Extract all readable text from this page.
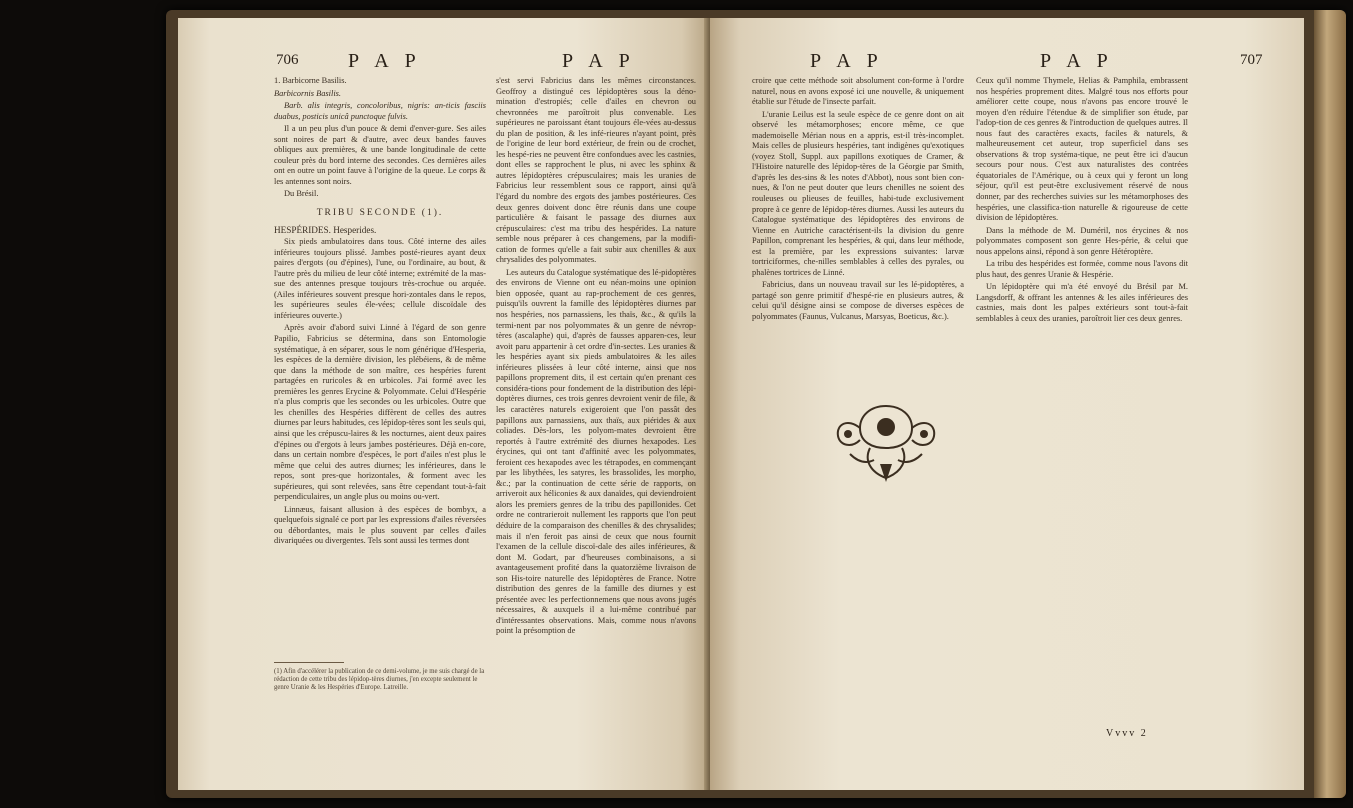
706 P A P	P A P

1. Barbicorne Basilis.

Barbicornis Basilis.

Barb. alis integris, concoloribus, nigris: an-ticis fasciis duabus, posticis unicâ punctoque fulvis.

Il a un peu plus d'un pouce & demi d'enver-gure. Ses ailes sont noires de part & d'autre, avec deux bandes fauves obliques aux premières, & une bande longitudinale de cette couleur près du bord interne des secondes. Ces dernières ailes ont en outre un point fauve à l'origine de la queue. Le corps & les antennes sont noirs.

Du Brésil.

TRIBU SECONDE (1).

HESPÉRIDES. Hesperides.

Six pieds ambulatoires dans tous. Côté interne des ailes inférieures toujours plissé. Jambes posté-rieures ayant deux paires d'ergots (ou d'épines), l'une, ou l'ordinaire, au bout, & l'autre près du milieu de leur côté interne; extrémité de la mas-sue des antennes presque toujours très-crochue ou arquée. (Ailes inférieures souvent presque hori-zontales dans le repos, les supérieures seules éle-vées; cellule discoïdale des inférieures ouverte.)

Après avoir d'abord suivi Linné à l'égard de son genre Papilio, Fabricius se détermina, dans son Entomologie systématique, à en séparer, sous le nom générique d'Hesperia, les espèces de la dernière division, les plébéiens, & de même que dans la méthode de son maître, ces hespéries furent partagées en ruricoles & en urbicoles. J'ai formé avec les premières les genres Erycine & Polyommate. Celui d'Hespérie n'a plus compris que les secondes ou les urbicoles. Outre que les chenilles des Hespéries diffèrent de celles des autres diurnes par leurs habitudes, ces lépidop-tères sont les seuls qui, ainsi que les crépuscu-laires & les nocturnes, aient deux paires d'épines ou d'ergots à leurs jambes postérieures. Déjà en-core, dans un certain nombre d'espèces, le port d'ailes n'est plus le même que celui des autres diurnes; les inférieures, dans le repos, sont pres-que horizontales, & forment avec les supérieures, qui sont relevées, sans être cependant tout-à-fait perpendiculaires, un angle plus ou moins ou-vert.

Linnæus, faisant allusion à des espèces de bombyx, a quelquefois signalé ce port par les expressions d'ailes réversées ou débordantes, mais le plus souvent par celles d'ailes divariquées ou divergentes. Tels sont aussi les termes dont

(1) Afin d'accélérer la publication de ce demi-volume, je me suis chargé de la rédaction de cette tribu des lépidop-tères diurnes, j'en excepte seulement le genre Uranie & les Hespéries d'Europe. Latreille.

s'est servi Fabricius dans les mêmes circonstances. Geoffroy a distingué ces lépidoptères sous la déno-mination d'estropiés; celle d'ailes en chevron ou chevronnées me paroîtroit plus convenable. Les supérieures ne paroissant étant toujours éle-vées au-dessus du plan de position, & les infé-rieures n'ayant point, près de l'origine de leur bord extérieur, de frein ou de crochet, les hespé-ries ne peuvent être confondues avec les castnies, dont elles se rapprochent le plus, ni avec les sphinx & autres lépidoptères crépusculaires; mais les uranies de Fabricius leur ressemblent sous ce rapport, ainsi qu'à l'égard du nombre des ergots des jambes postérieures. Ces deux genres doivent donc être réunis dans une coupe particulière & faisant le passage des diurnes aux crépusculaires: c'est ma tribu des hespérides. La nature semble nous préparer à ces changemens, par la modifi-cation de formes qu'elle a fait subir aux chenilles & aux chrysalides des polyommates.

Les auteurs du Catalogue systématique des lé-pidoptères des environs de Vienne ont eu néan-moins une opinion bien opposée, quant au rap-prochement de ces genres, puisqu'ils ouvrent la famille des lépidoptères diurnes par nos hespéries, nos parnassiens, les thaïs, &c., & qu'ils la termi-nent par nos polyommates & un genre de névrop-tères (ascalaphe) qui, d'après de fausses apparen-ces, leur avoit paru appartenir à cet ordre d'in-sectes. Les uranies & les hespéries ayant six pieds ambulatoires & les ailes inférieures plissées à leur côté interne, ainsi que nos papillons proprement dits, il est certain qu'en prenant ces considéra-tions pour fondement de la distribution des lépi-doptères diurnes, ces trois genres devroient venir de file, & les caractères naturels exigeroient que l'on passât des papillons aux parnassiens, aux thaïs, aux piérides & aux coliades. Dès-lors, les polyom-mates devroient être reportés à l'autre extrémité des diurnes hexapodes. Les érycines, qui ont tant d'affinité avec les polyommates, feroient ces hexapodes avec les tétrapodes, en commençant par les libythées, les satyres, les brassolides, les morpho, &c.; par la continuation de cette série de rapports, on arriveroit aux héliconies & aux danaïdes, qui deviendroient alors les premiers genres de la tribu des papillonides. Cet ordre ne contrarieroit nullement les rapports que l'on peut déduire de la comparaison des chenilles & des chrysalides; mais il n'en feroit pas ainsi de ceux que nous fournit l'examen de la cellule discoï-dale des ailes inférieures, & dont M. Godart, par d'heureuses combinaisons, a si avantageusement profité dans la quatorzième livraison de son His-toire naturelle des lépidoptères de France. Notre distribution des genres de la famille des diurnes y est présentée avec les perfectionnemens que nous avons jugés nécessaires, & auxquels il a lui-même contribué par d'intéressantes observations. Mais, comme nous n'avons point la présomption de

P A P	P A P	707

croire que cette méthode soit absolument con-forme à l'ordre naturel, nous en avons exposé ici une nouvelle, & uniquement établie sur l'étude de l'insecte parfait.

L'uranie Leilus est la seule espèce de ce genre dont on ait observé les métamorphoses; encore même, ce que mademoiselle Mérian nous en a appris, est-il très-incomplet. Mais celles de plusieurs hespéries, tant indigènes qu'exotiques (voyez Stoll, Suppl. aux papillons exotiques de Cramer, & l'Histoire naturelle des lépidop-tères de la Géorgie par Smith, d'après les des-sins & les notes d'Abbot), nous sont bien con-nues, & l'on ne peut douter que leurs chenilles ne soient des rouleuses ou plieuses de feuilles, habi-tude exclusivement propre à ce genre de lépidop-tères diurnes. Aussi les auteurs du Catalogue systématique des lépidoptères des environs de Vienne en Autriche caractérisent-ils la division du genre Papillon, comprenant les hespéries, & qui, dans leur méthode, est la première, par les expressions suivantes: larvæ tortriciformes, che-nilles semblables à celles des pyrales, ou phalènes tortrices de Linné.

Fabricius, dans un nouveau travail sur les lé-pidoptères, a partagé son genre primitif d'hespé-rie en plusieurs autres, & celui qu'il désigne ainsi se compose de diverses espèces de polyommates (Faunus, Vulcanus, Marsyas, Boeticus, &c.).

Ceux qu'il nomme Thymele, Helias & Pamphila, embrassent nos hespéries proprement dites. Malgré tous nos efforts pour améliorer cette coupe, nous n'avons pas encore trouvé le moyen d'en réduire l'étendue & de simplifier son étude, par l'adop-tion de ces genres & l'introduction de quelques autres. Il nous faut des caractères exacts, faciles & naturels, & malheureusement cet auteur, trop superficiel dans ses observations & trop systéma-tique, ne peut être ici d'aucun secours pour nous. C'est aux naturalistes des contrées équatoriales de l'Amérique, ou à ceux qui y feront un long séjour, qu'il est peut-être exclusivement réservé de nous donner, par des recherches suivies sur les métamorphoses des hespéries, une classifica-tion naturelle & rigoureuse de cette division de lépidoptères.

Dans la méthode de M. Duméril, nos érycines & nos polyommates composent son genre Hes-périe, & celui que nous appelons ainsi, répond à son genre Hétéroptère.

La tribu des hespérides est formée, comme nous l'avons dit plus haut, des genres Uranie & Hespérie.

Un lépidoptère qui m'a été envoyé du Brésil par M. Langsdorff, & offrant les antennes & les ailes inférieures des castnies, mais dont les palpes extérieurs sont tout-à-fait semblables à ceux des uranies, paroîtroit lier ces deux genres.

Vvvv 2
